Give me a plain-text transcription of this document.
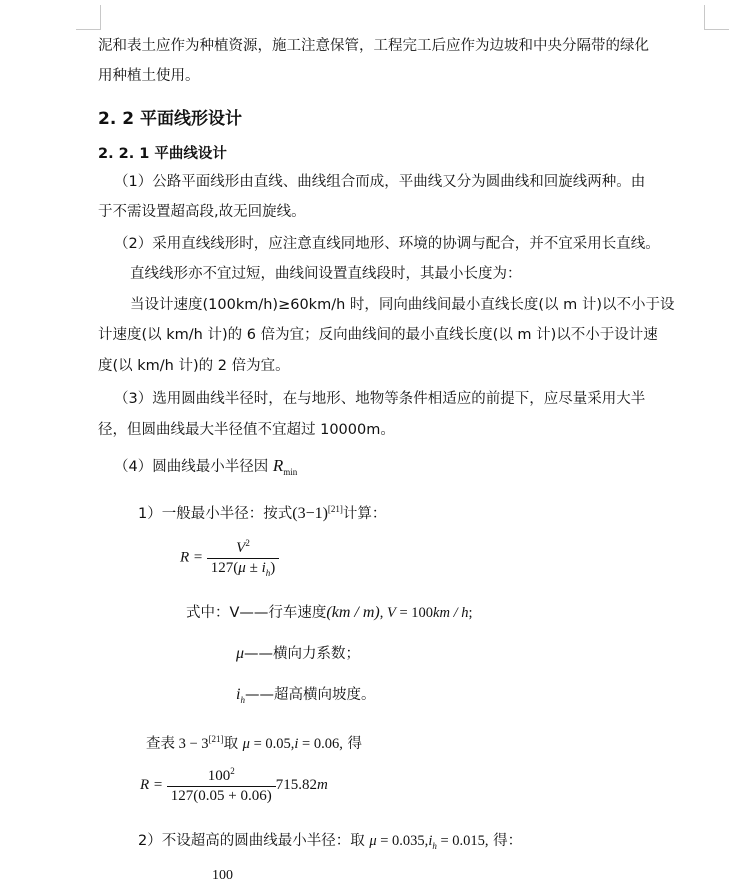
泥和表土应作为种植资源，施工注意保管，工程完工后应作为边坡和中央分隔带的绿化
用种植土使用。
2. 2 平面线形设计
2. 2. 1 平曲线设计
（1）公路平面线形由直线、曲线组合而成，平曲线又分为圆曲线和回旋线两种。由
于不需设置超高段,故无回旋线。
（2）采用直线线形时，应注意直线同地形、环境的协调与配合，并不宜采用长直线。
直线线形亦不宜过短，曲线间设置直线段时，其最小长度为：
当设计速度(100km/h)≥60km/h 时，同向曲线间最小直线长度(以 m 计)以不小于设
计速度(以 km/h 计)的 6 倍为宜；反向曲线间的最小直线长度(以 m 计)以不小于设计速
度(以 km/h 计)的 2 倍为宜。
（3）选用圆曲线半径时，在与地形、地物等条件相适应的前提下，应尽量采用大半
径，但圆曲线最大半径值不宜超过 10000m。
（4）圆曲线最小半径因 $R_{min}$
1）一般最小半径：按式(3−1)[21]计算：
$R = \frac{V^2}{127(\mu \pm i_h)}$
式中：V——行车速度(km / m), V = 100km / h;
μ——横向力系数；
$i_h——$超高横向坡度。
查表 3 − 3[21]取 μ = 0.05,i = 0.06, 得
$R = \frac{100^2}{127(0.05 + 0.06)} 715.82m$
2）不设超高的圆曲线最小半径：取 $\mu = 0.035,i_h = 0.015$, 得：
100
